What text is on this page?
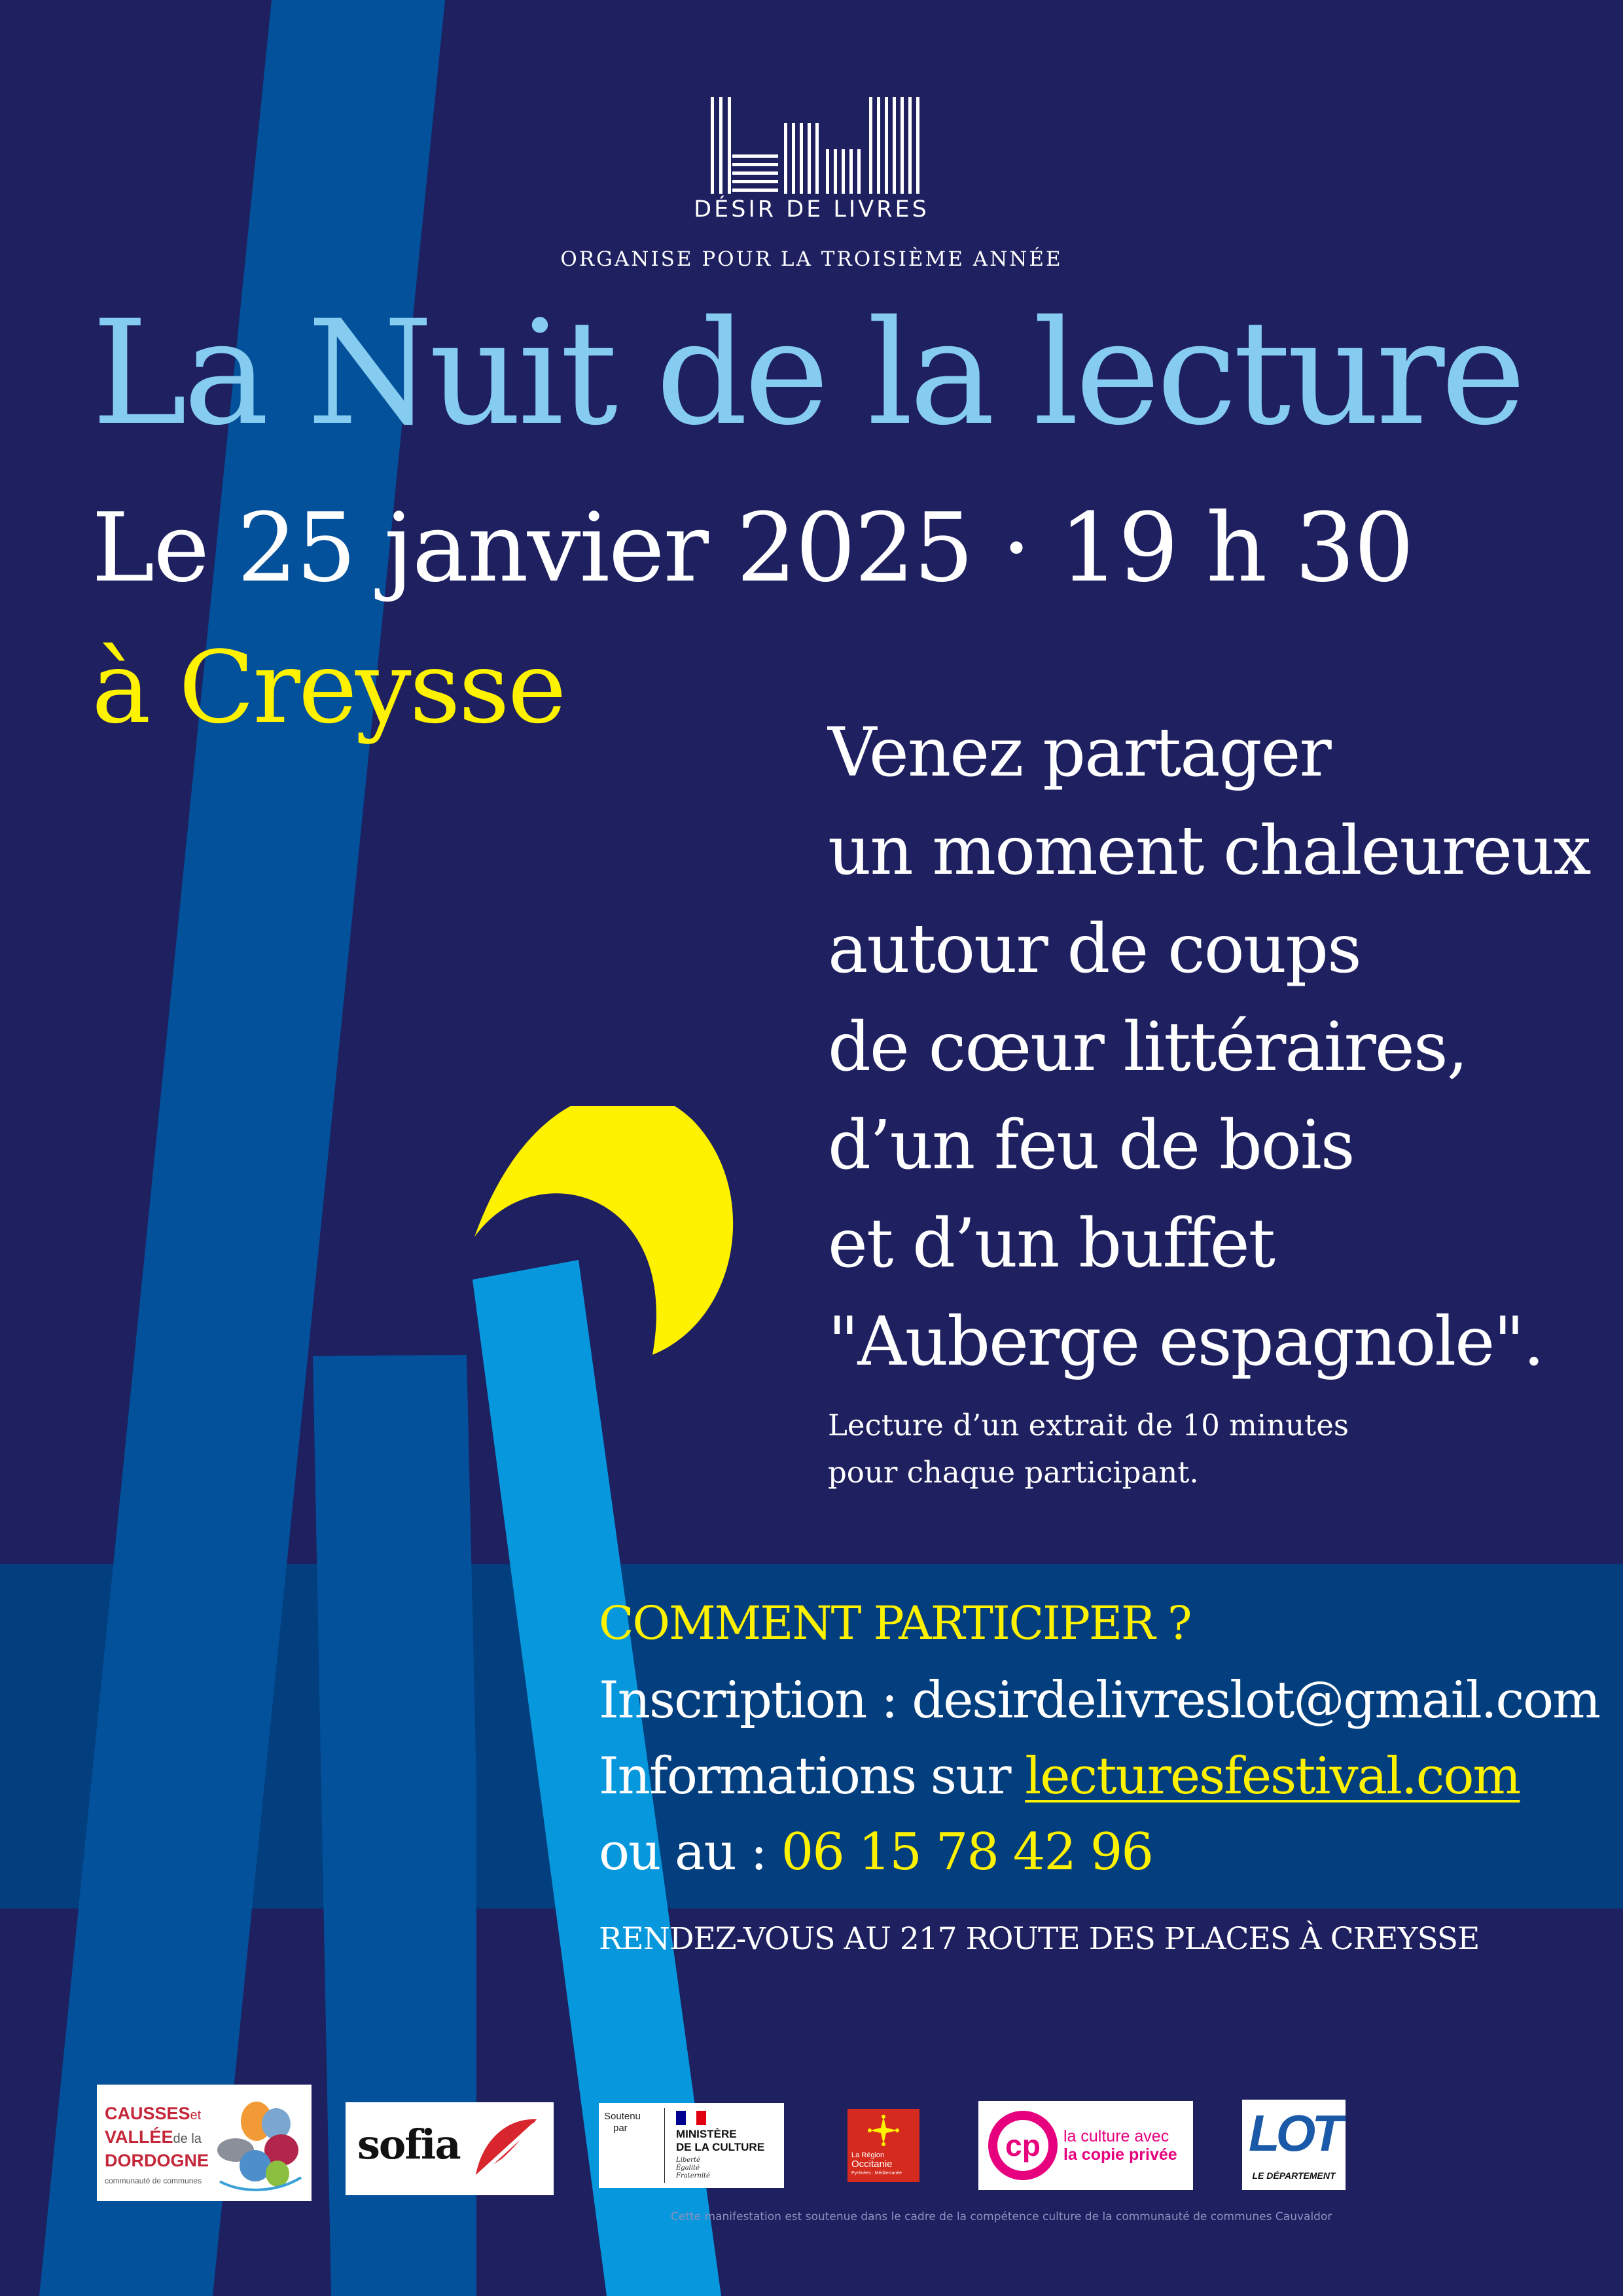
DÉSIR DE LIVRES
ORGANISE POUR LA TROISIÈME ANNÉE
La Nuit de la lecture
Le 25 janvier 2025 · 19 h 30
à Creysse
Venez partager
un moment chaleureux
autour de coups
de cœur littéraires,
d’un feu de bois
et d’un buffet
"Auberge espagnole".
Lecture d’un extrait de 10 minutes
pour chaque participant.
COMMENT PARTICIPER ?
Inscription : desirdelivreslot@gmail.com
Informations sur lecturesfestival.com
ou au : 06 15 78 42 96
RENDEZ-VOUS AU 217 ROUTE DES PLACES À CREYSSE
CAUSSESet
VALLÉEde la
DORDOGNE
communauté de communes
sofia
Soutenu
par	MINISTÈRE
DE LA CULTURE
Liberté
Égalité
Fraternité
La Région
Occitanie
Pyrénées · Méditerranée
cp la culture avec
la copie privée LOT
LE DÉPARTEMENT
Cette manifestation est soutenue dans le cadre de la compétence culture de la communauté de communes Cauvaldor
